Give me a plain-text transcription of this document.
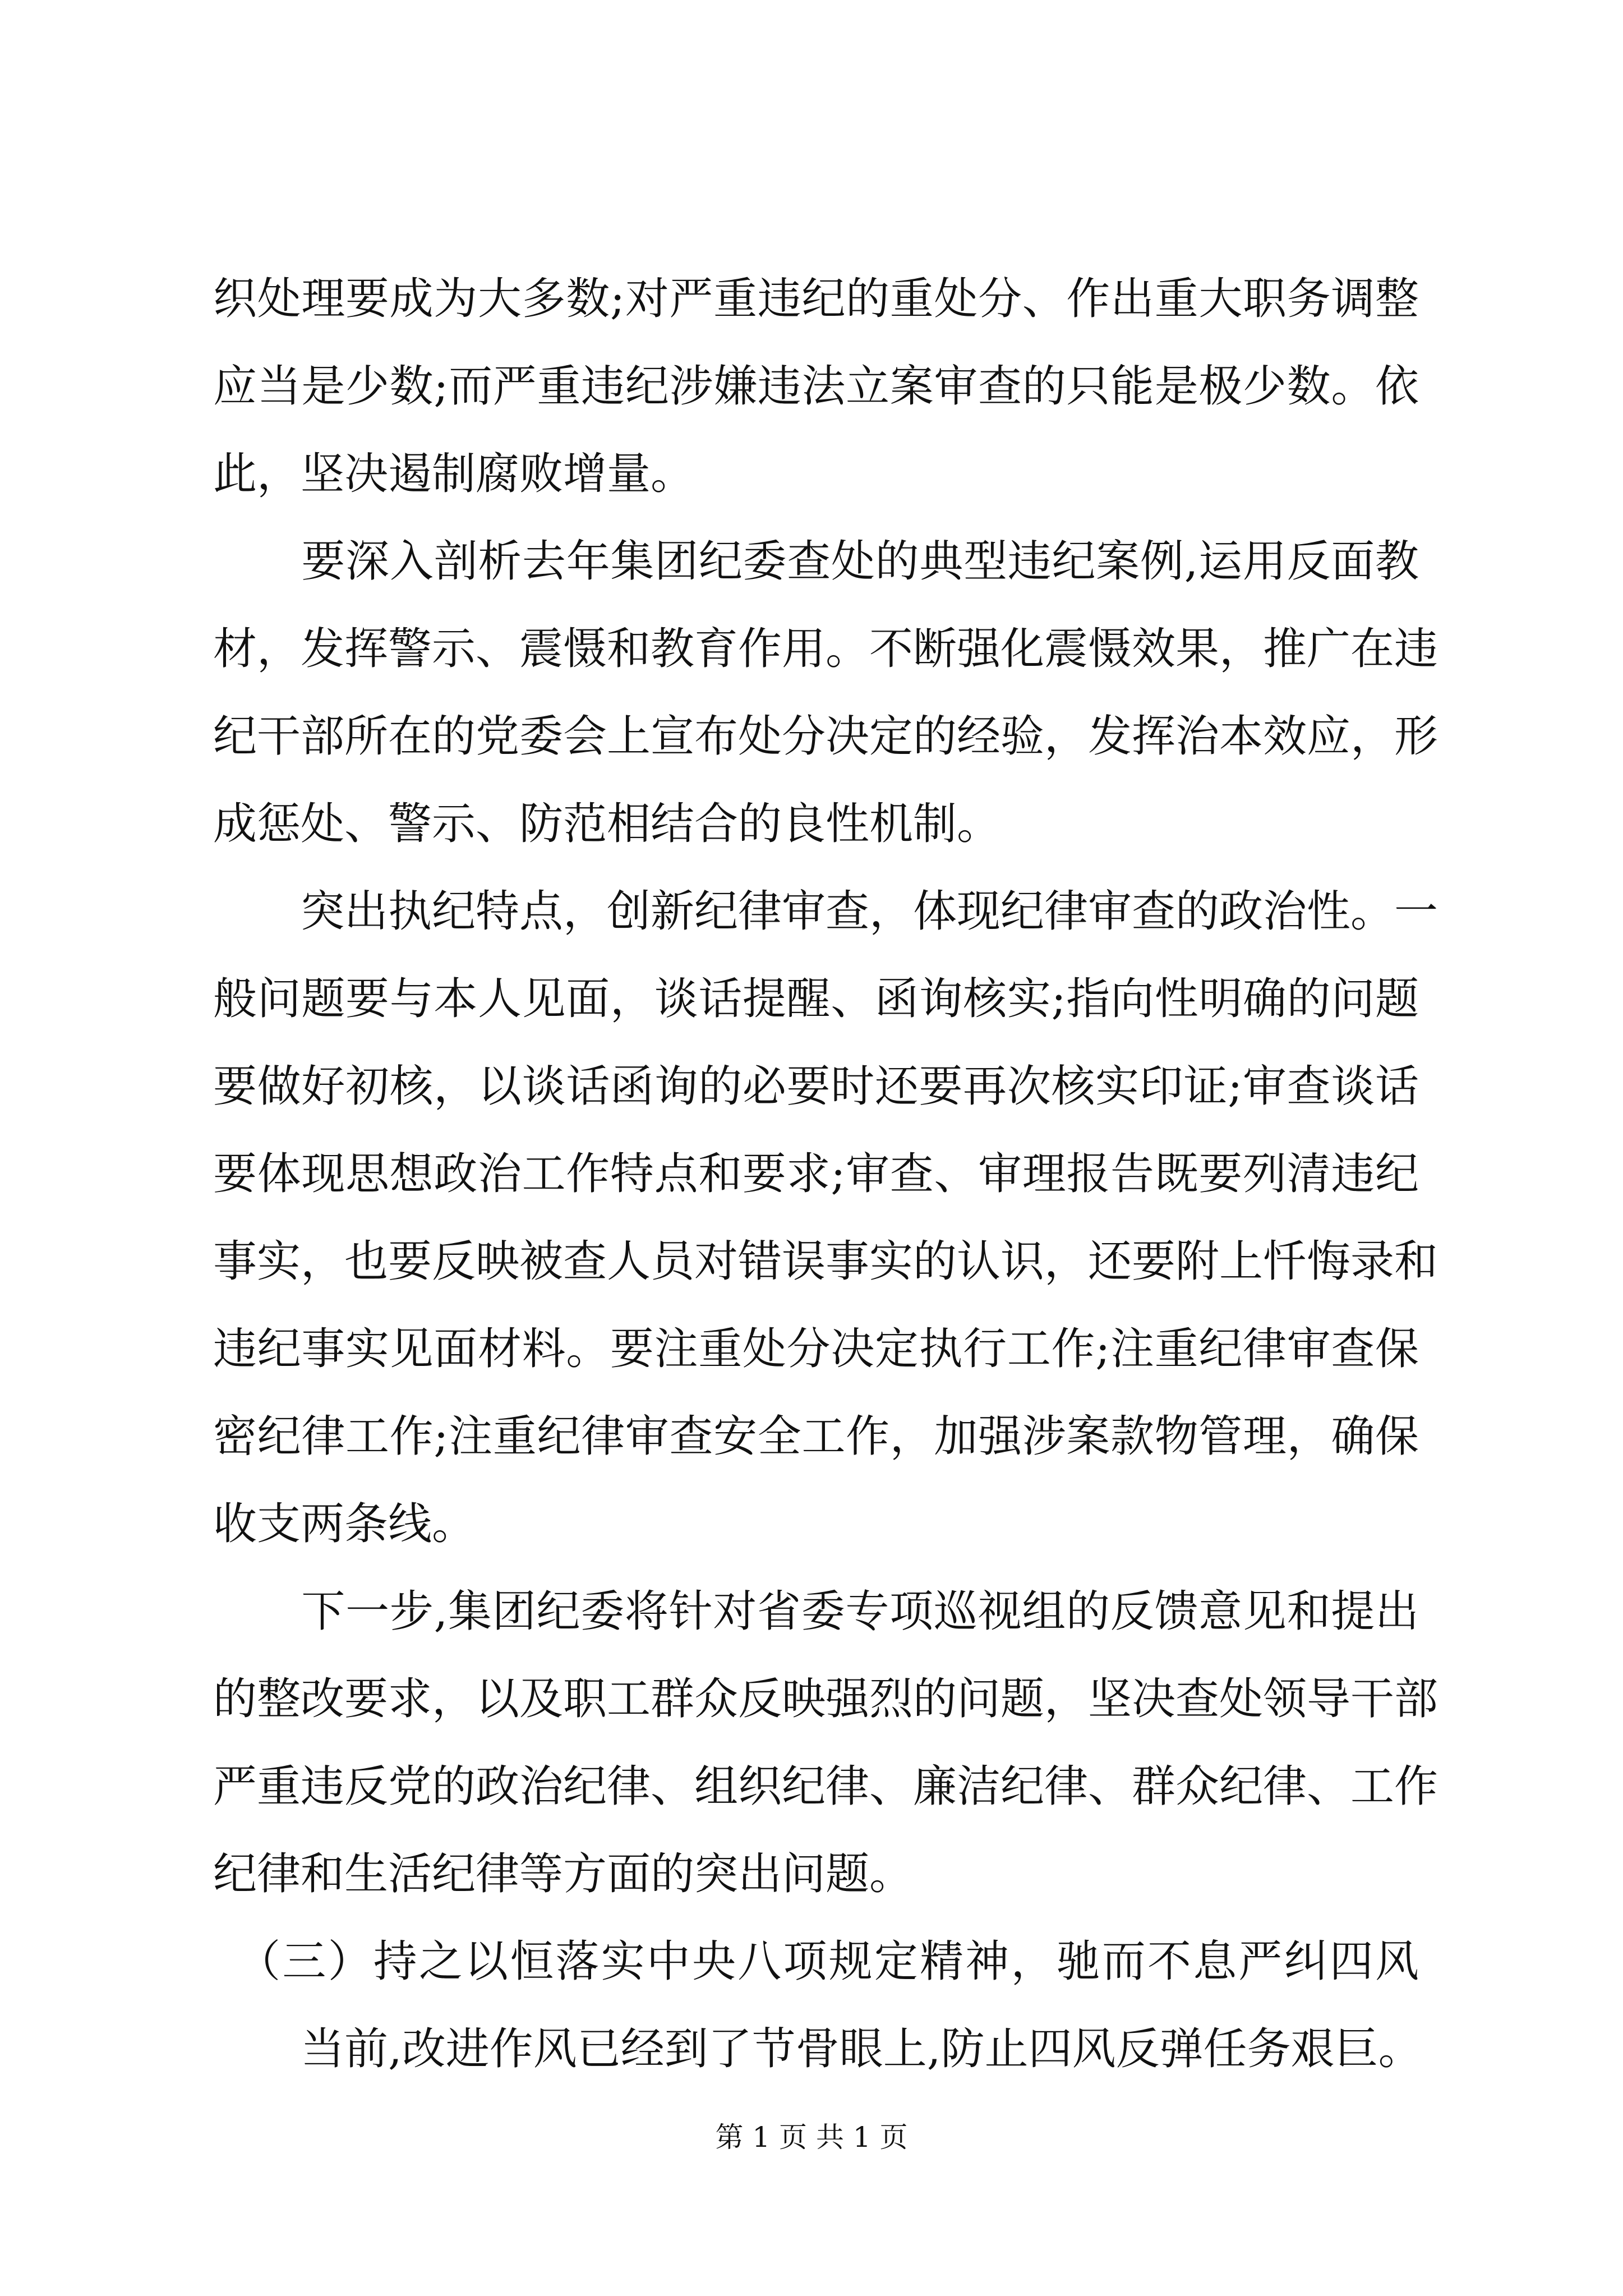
织处理要成为大多数;对严重违纪的重处分、作出重大职务调整
应当是少数;而严重违纪涉嫌违法立案审查的只能是极少数。依
此，坚决遏制腐败增量。
　　要深入剖析去年集团纪委查处的典型违纪案例,运用反面教
材，发挥警示、震慑和教育作用。不断强化震慑效果，推广在违
纪干部所在的党委会上宣布处分决定的经验，发挥治本效应，形
成惩处、警示、防范相结合的良性机制。
　　突出执纪特点，创新纪律审查，体现纪律审查的政治性。一
般问题要与本人见面，谈话提醒、函询核实;指向性明确的问题
要做好初核，以谈话函询的必要时还要再次核实印证;审查谈话
要体现思想政治工作特点和要求;审查、审理报告既要列清违纪
事实，也要反映被查人员对错误事实的认识，还要附上忏悔录和
违纪事实见面材料。要注重处分决定执行工作;注重纪律审查保
密纪律工作;注重纪律审查安全工作，加强涉案款物管理，确保
收支两条线。
　　下一步,集团纪委将针对省委专项巡视组的反馈意见和提出
的整改要求，以及职工群众反映强烈的问题，坚决查处领导干部
严重违反党的政治纪律、组织纪律、廉洁纪律、群众纪律、工作
纪律和生活纪律等方面的突出问题。
　（三）持之以恒落实中央八项规定精神，驰而不息严纠四风
　　当前,改进作风已经到了节骨眼上,防止四风反弹任务艰巨。
第 1 页 共 1 页
